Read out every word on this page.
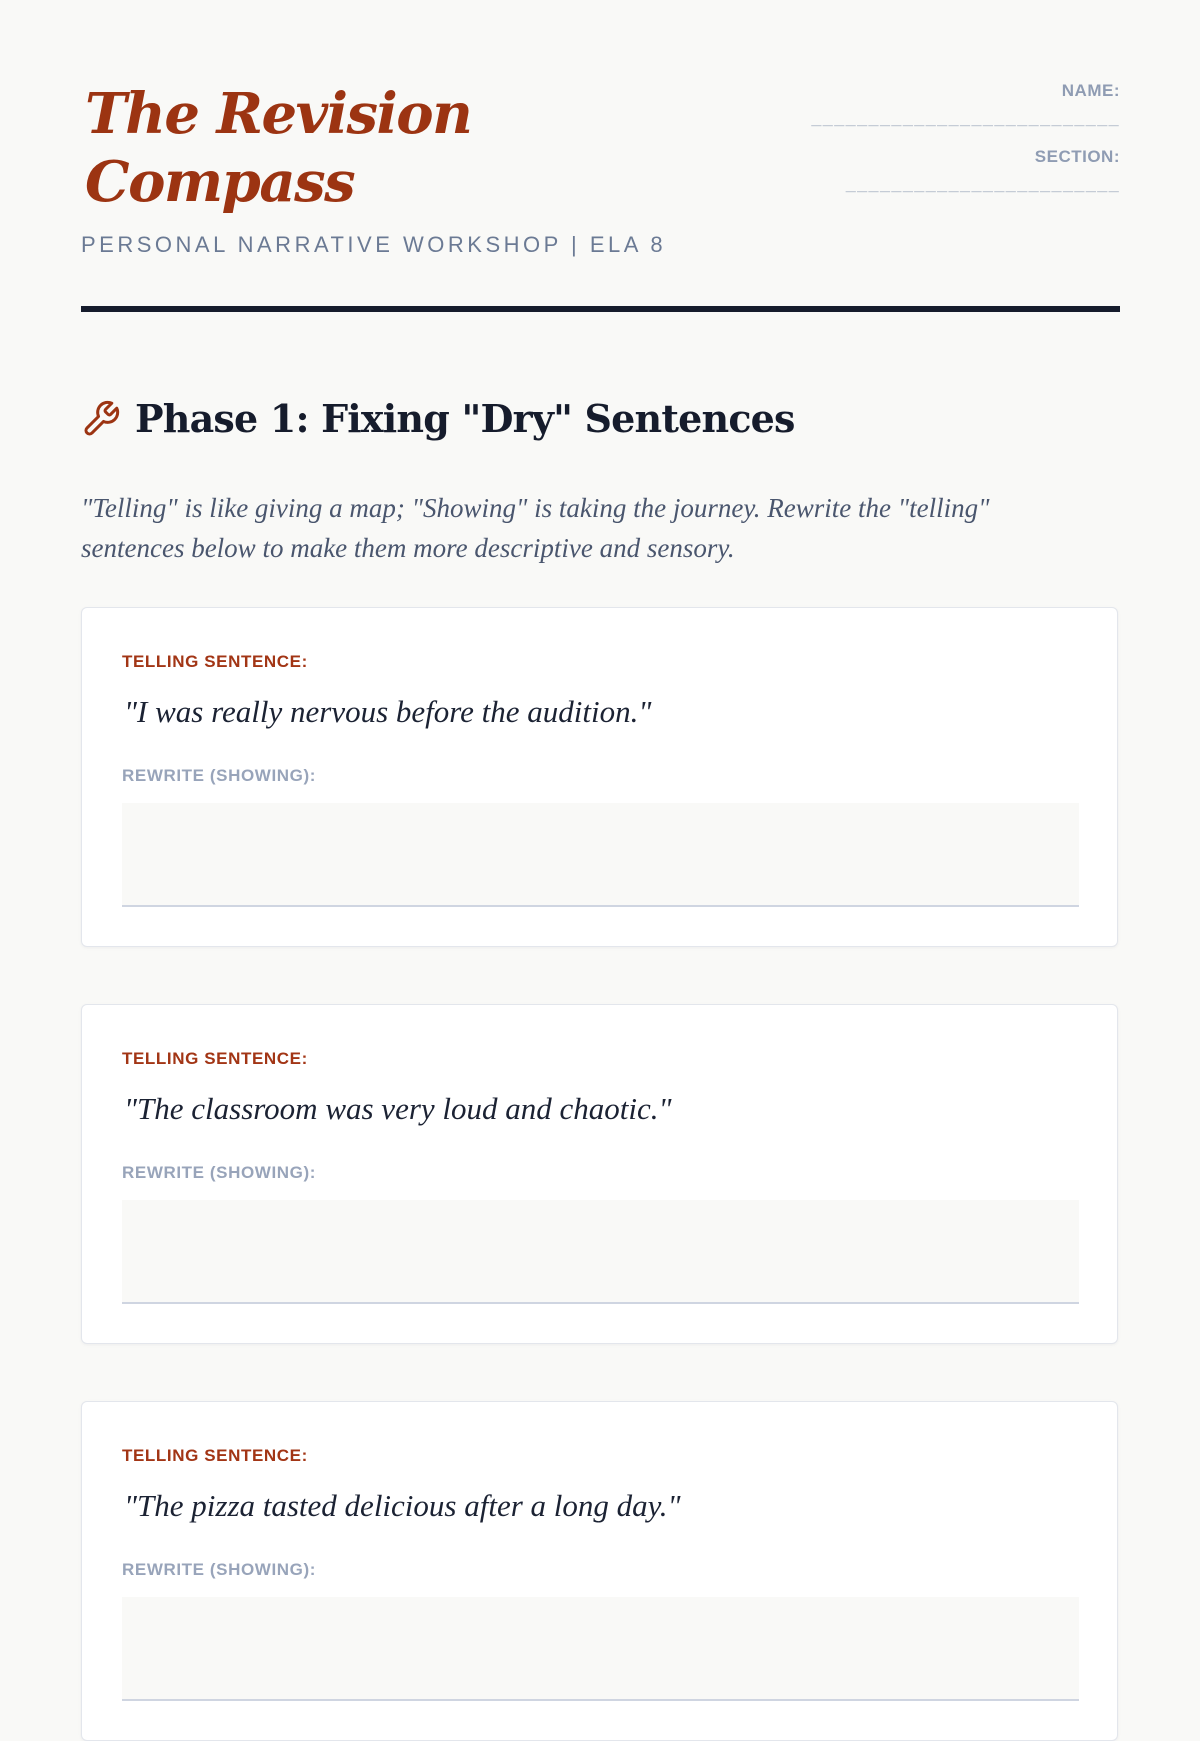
The Revision
Compass
PERSONAL NARRATIVE WORKSHOP | ELA 8
NAME:
___________________________
SECTION:
________________________
Phase 1: Fixing "Dry" Sentences

"Telling" is like giving a map; "Showing" is taking the journey. Rewrite the "telling" sentences below to make them more descriptive and sensory.

TELLING SENTENCE:
"I was really nervous before the audition."
REWRITE (SHOWING):
TELLING SENTENCE:
"The classroom was very loud and chaotic."
REWRITE (SHOWING):
TELLING SENTENCE:
"The pizza tasted delicious after a long day."
REWRITE (SHOWING):
